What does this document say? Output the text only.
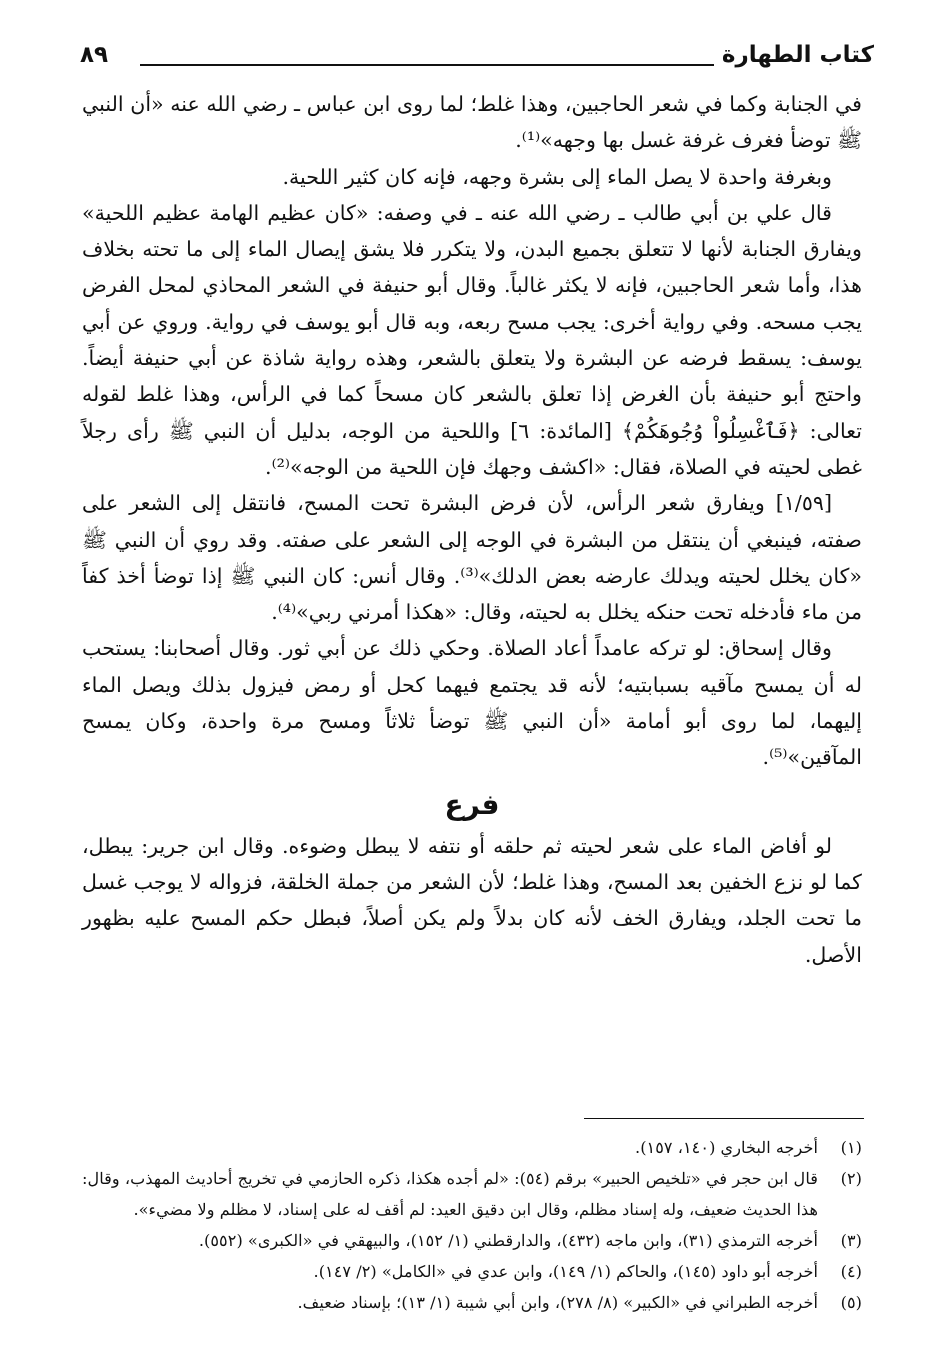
كتاب الطهارة
٨٩

في الجنابة وكما في شعر الحاجبين، وهذا غلط؛ لما روى ابن عباس ـ رضي الله عنه «أن النبي ﷺ توضأ فغرف غرفة غسل بها وجهه»⁽¹⁾.

وبغرفة واحدة لا يصل الماء إلى بشرة وجهه، فإنه كان كثير اللحية.

قال علي بن أبي طالب ـ رضي الله عنه ـ في وصفه: «كان عظيم الهامة عظيم اللحية» ويفارق الجنابة لأنها لا تتعلق بجميع البدن، ولا يتكرر فلا يشق إيصال الماء إلى ما تحته بخلاف هذا، وأما شعر الحاجبين، فإنه لا يكثر غالباً. وقال أبو حنيفة في الشعر المحاذي لمحل الفرض يجب مسحه. وفي رواية أخرى: يجب مسح ربعه، وبه قال أبو يوسف في رواية. وروي عن أبي يوسف: يسقط فرضه عن البشرة ولا يتعلق بالشعر، وهذه رواية شاذة عن أبي حنيفة أيضاً. واحتج أبو حنيفة بأن الغرض إذا تعلق بالشعر كان مسحاً كما في الرأس، وهذا غلط لقوله تعالى: ﴿فَٱغْسِلُواْ وُجُوهَكُمْ﴾ [المائدة: ٦] واللحية من الوجه، بدليل أن النبي ﷺ رأى رجلاً غطى لحيته في الصلاة، فقال: «اكشف وجهك فإن اللحية من الوجه»⁽²⁾.

[١/٥٩] ويفارق شعر الرأس، لأن فرض البشرة تحت المسح، فانتقل إلى الشعر على صفته، فينبغي أن ينتقل من البشرة في الوجه إلى الشعر على صفته. وقد روي أن النبي ﷺ «كان يخلل لحيته ويدلك عارضه بعض الدلك»⁽³⁾. وقال أنس: كان النبي ﷺ إذا توضأ أخذ كفاً من ماء فأدخله تحت حنكه يخلل به لحيته، وقال: «هكذا أمرني ربي»⁽⁴⁾.

وقال إسحاق: لو تركه عامداً أعاد الصلاة. وحكي ذلك عن أبي ثور. وقال أصحابنا: يستحب له أن يمسح مآقيه بسبابتيه؛ لأنه قد يجتمع فيهما كحل أو رمض فيزول بذلك ويصل الماء إليهما، لما روى أبو أمامة «أن النبي ﷺ توضأ ثلاثاً ومسح مرة واحدة، وكان يمسح المآقين»⁽⁵⁾.

فرع

لو أفاض الماء على شعر لحيته ثم حلقه أو نتفه لا يبطل وضوءه. وقال ابن جرير: يبطل، كما لو نزع الخفين بعد المسح، وهذا غلط؛ لأن الشعر من جملة الخلقة، فزواله لا يوجب غسل ما تحت الجلد، ويفارق الخف لأنه كان بدلاً ولم يكن أصلاً، فبطل حكم المسح عليه بظهور الأصل.

(١)
أخرجه البخاري (١٤٠، ١٥٧).
(٢)
قال ابن حجر في «تلخيص الحبير» برقم (٥٤): «لم أجده هكذا، ذكره الحازمي في تخريج أحاديث المهذب، وقال: هذا الحديث ضعيف، وله إسناد مظلم، وقال ابن دقيق العيد: لم أقف له على إسناد، لا مظلم ولا مضيء».
(٣)
أخرجه الترمذي (٣١)، وابن ماجه (٤٣٢)، والدارقطني (١/ ١٥٢)، والبيهقي في «الكبرى» (٥٥٢).
(٤)
أخرجه أبو داود (١٤٥)، والحاكم (١/ ١٤٩)، وابن عدي في «الكامل» (٢/ ١٤٧).
(٥)
أخرجه الطبراني في «الكبير» (٨/ ٢٧٨)، وابن أبي شيبة (١/ ١٣)؛ بإسناد ضعيف.
